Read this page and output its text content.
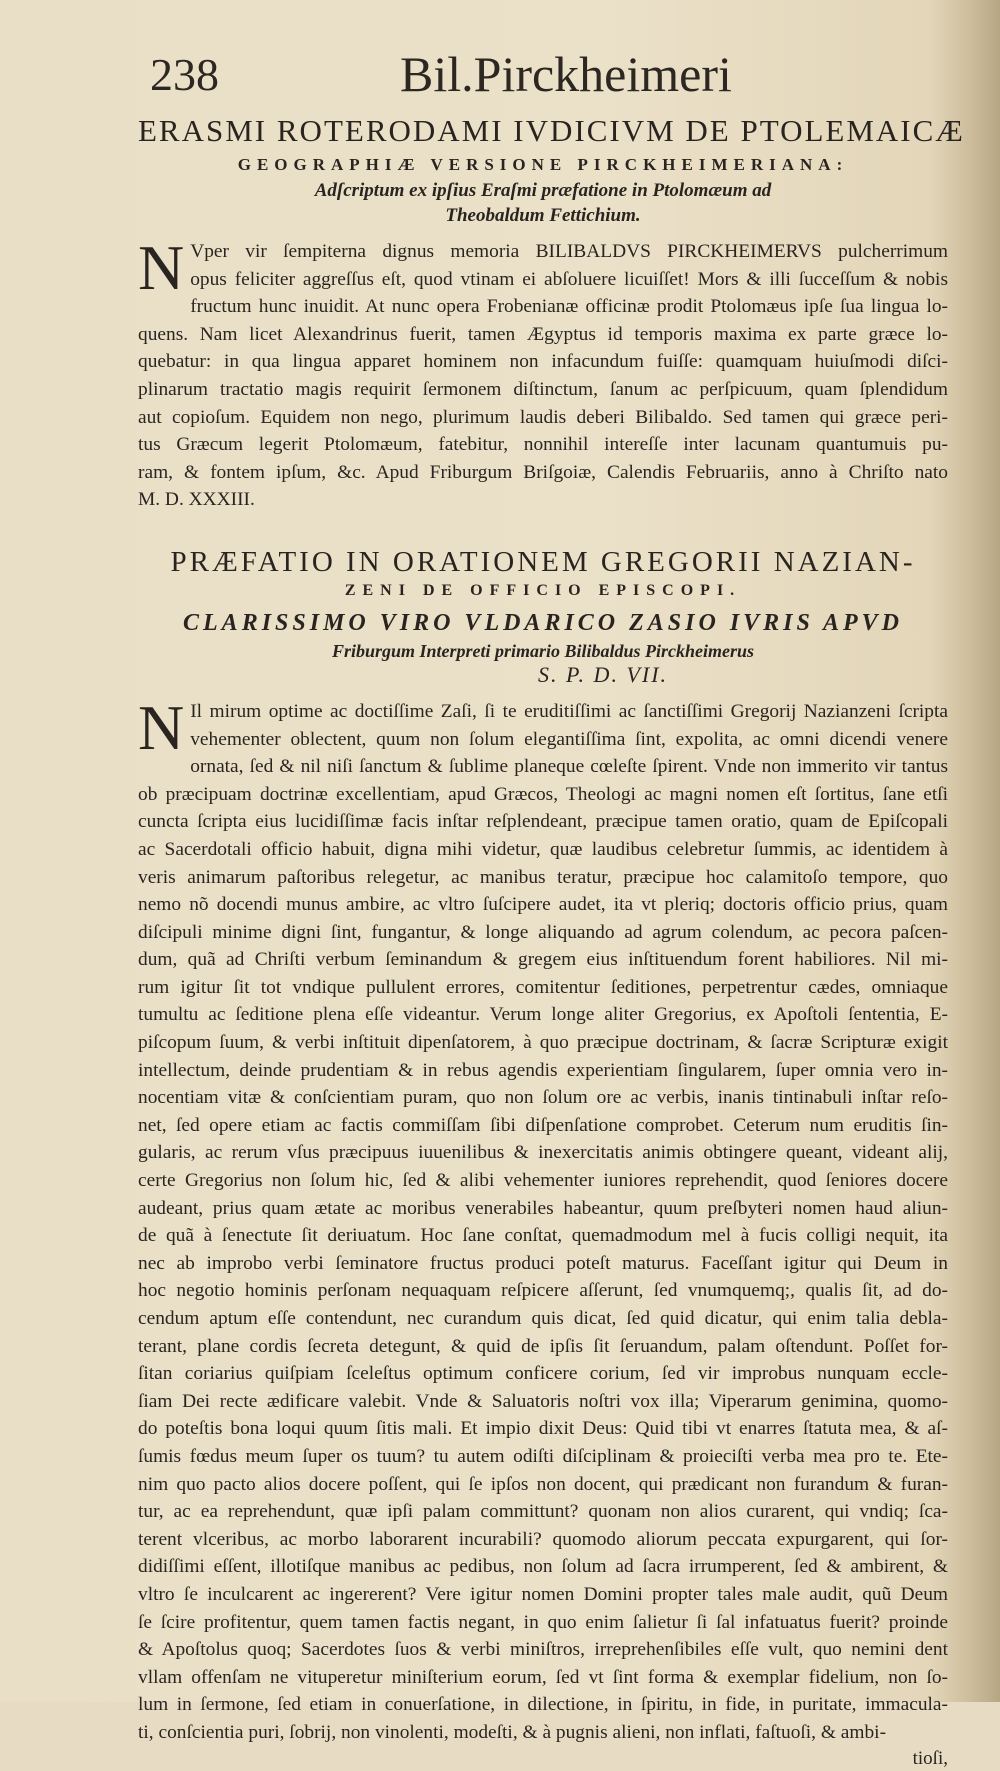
238	Bil.Pirckheimeri
ERASMI ROTERODAMI IVDICIVM DE PTOLEMAICÆ
GEOGRAPHIÆ VERSIONE PIRCKHEIMERIANA:
Adſcriptum ex ipſius Eraſmi præfatione in Ptolomæum ad
Theobaldum Fettichium.
N Vper vir ſempiterna dignus memoria BILIBALDVS PIRCKHEIMERVS pulcherrimum
opus feliciter aggreſſus eſt, quod vtinam ei abſoluere licuiſſet! Mors & illi ſucceſſum & nobis
fructum hunc inuidit. At nunc opera Frobenianæ officinæ prodit Ptolomæus ipſe ſua lingua lo-
quens. Nam licet Alexandrinus fuerit, tamen Ægyptus id temporis maxima ex parte græce lo-
quebatur: in qua lingua apparet hominem non infacundum fuiſſe: quamquam huiuſmodi diſci-
plinarum tractatio magis requirit ſermonem diſtinctum, ſanum ac perſpicuum, quam ſplendidum
aut copioſum. Equidem non nego, plurimum laudis deberi Bilibaldo. Sed tamen qui græce peri-
tus Græcum legerit Ptolomæum, fatebitur, nonnihil intereſſe inter lacunam quantumuis pu-
ram, & fontem ipſum, &c. Apud Friburgum Briſgoiæ, Calendis Februariis, anno à Chriſto nato
M. D. XXXIII.
PRÆFATIO IN ORATIONEM GREGORII NAZIAN-
ZENI DE OFFICIO EPISCOPI.
CLARISSIMO VIRO VLDARICO ZASIO IVRIS APVD
Friburgum Interpreti primario Bilibaldus Pirckheimerus
S. P. D. VII.
N Il mirum optime ac doctiſſime Zaſi, ſi te eruditiſſimi ac ſanctiſſimi Gregorij Nazianzeni ſcripta
vehementer oblectent, quum non ſolum elegantiſſima ſint, expolita, ac omni dicendi venere
ornata, ſed & nil niſi ſanctum & ſublime planeque cœleſte ſpirent. Vnde non immerito vir tantus
ob præcipuam doctrinæ excellentiam, apud Græcos, Theologi ac magni nomen eſt ſortitus, ſane etſi
cuncta ſcripta eius lucidiſſimæ facis inſtar reſplendeant, præcipue tamen oratio, quam de Epiſcopali
ac Sacerdotali officio habuit, digna mihi videtur, quæ laudibus celebretur ſummis, ac identidem à
veris animarum paſtoribus relegetur, ac manibus teratur, præcipue hoc calamitoſo tempore, quo
nemo nõ docendi munus ambire, ac vltro ſuſcipere audet, ita vt pleriq; doctoris officio prius, quam
diſcipuli minime digni ſint, fungantur, & longe aliquando ad agrum colendum, ac pecora paſcen-
dum, quã ad Chriſti verbum ſeminandum & gregem eius inſtituendum forent habiliores. Nil mi-
rum igitur ſit tot vndique pullulent errores, comitentur ſeditiones, perpetrentur cædes, omniaque
tumultu ac ſeditione plena eſſe videantur. Verum longe aliter Gregorius, ex Apoſtoli ſententia, E-
piſcopum ſuum, & verbi inſtituit dipenſatorem, à quo præcipue doctrinam, & ſacræ Scripturæ exigit
intellectum, deinde prudentiam & in rebus agendis experientiam ſingularem, ſuper omnia vero in-
nocentiam vitæ & conſcientiam puram, quo non ſolum ore ac verbis, inanis tintinabuli inſtar reſo-
net, ſed opere etiam ac factis commiſſam ſibi diſpenſatione comprobet. Ceterum num eruditis ſin-
gularis, ac rerum vſus præcipuus iuuenilibus & inexercitatis animis obtingere queant, videant alij,
certe Gregorius non ſolum hic, ſed & alibi vehementer iuniores reprehendit, quod ſeniores docere
audeant, prius quam ætate ac moribus venerabiles habeantur, quum preſbyteri nomen haud aliun-
de quã à ſenectute ſit deriuatum. Hoc ſane conſtat, quemadmodum mel à fucis colligi nequit, ita
nec ab improbo verbi ſeminatore fructus produci poteſt maturus. Faceſſant igitur qui Deum in
hoc negotio hominis perſonam nequaquam reſpicere aſſerunt, ſed vnumquemq;, qualis ſit, ad do-
cendum aptum eſſe contendunt, nec curandum quis dicat, ſed quid dicatur, qui enim talia debla-
terant, plane cordis ſecreta detegunt, & quid de ipſis ſit ſeruandum, palam oſtendunt. Poſſet for-
ſitan coriarius quiſpiam ſceleſtus optimum conficere corium, ſed vir improbus nunquam eccle-
ſiam Dei recte ædificare valebit. Vnde & Saluatoris noſtri vox illa; Viperarum genimina, quomo-
do poteſtis bona loqui quum ſitis mali. Et impio dixit Deus: Quid tibi vt enarres ſtatuta mea, & aſ-
ſumis fœdus meum ſuper os tuum? tu autem odiſti diſciplinam & proieciſti verba mea pro te. Ete-
nim quo pacto alios docere poſſent, qui ſe ipſos non docent, qui prædicant non furandum & furan-
tur, ac ea reprehendunt, quæ ipſi palam committunt? quonam non alios curarent, qui vndiq; ſca-
terent vlceribus, ac morbo laborarent incurabili? quomodo aliorum peccata expurgarent, qui ſor-
didiſſimi eſſent, illotiſque manibus ac pedibus, non ſolum ad ſacra irrumperent, ſed & ambirent, &
vltro ſe inculcarent ac ingererent? Vere igitur nomen Domini propter tales male audit, quũ Deum
ſe ſcire profitentur, quem tamen factis negant, in quo enim ſalietur ſi ſal infatuatus fuerit? proinde
& Apoſtolus quoq; Sacerdotes ſuos & verbi miniſtros, irreprehenſibiles eſſe vult, quo nemini dent
vllam offenſam ne vituperetur miniſterium eorum, ſed vt ſint forma & exemplar fidelium, non ſo-
lum in ſermone, ſed etiam in conuerſatione, in dilectione, in ſpiritu, in fide, in puritate, immacula-
ti, conſcientia puri, ſobrij, non vinolenti, modeſti, & à pugnis alieni, non inflati, faſtuoſi, & ambi-
tioſi,
